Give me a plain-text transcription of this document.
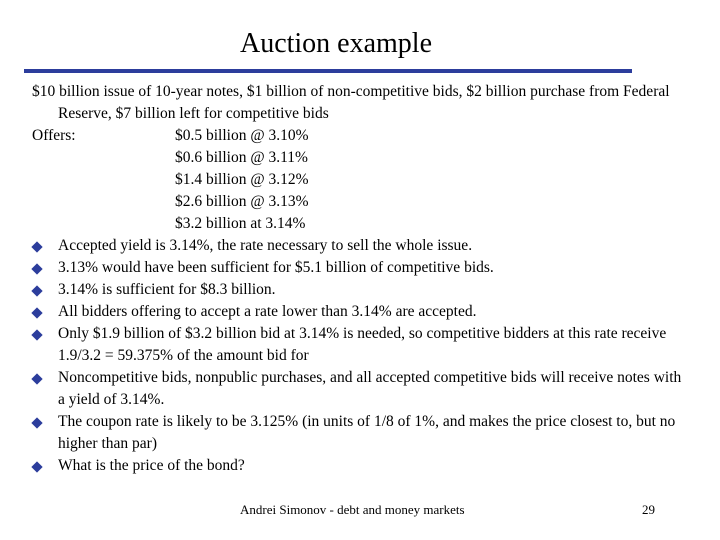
Auction example

$10 billion issue of 10-year notes, $1 billion of non-competitive bids, $2 billion purchase from Federal Reserve, $7 billion left for competitive bids

Offers:	$0.5 billion @ 3.10%
$0.6 billion @ 3.11%
$1.4 billion @ 3.12%
$2.6 billion @ 3.13%
$3.2 billion at 3.14%
Accepted yield is 3.14%, the rate necessary to sell the whole issue.
3.13% would have been sufficient for $5.1 billion of competitive bids.
3.14% is sufficient for $8.3 billion.
All bidders offering to accept a rate lower than 3.14% are accepted.
Only $1.9 billion of $3.2 billion bid at 3.14% is needed, so competitive bidders at this rate receive 1.9/3.2 = 59.375% of the amount bid for
Noncompetitive bids, nonpublic purchases, and all accepted competitive bids will receive notes with a yield of 3.14%.
The coupon rate is likely to be 3.125% (in units of 1/8 of 1%, and makes the price closest to, but no higher than par)
What is the price of the bond?
Andrei Simonov - debt and money markets	29
